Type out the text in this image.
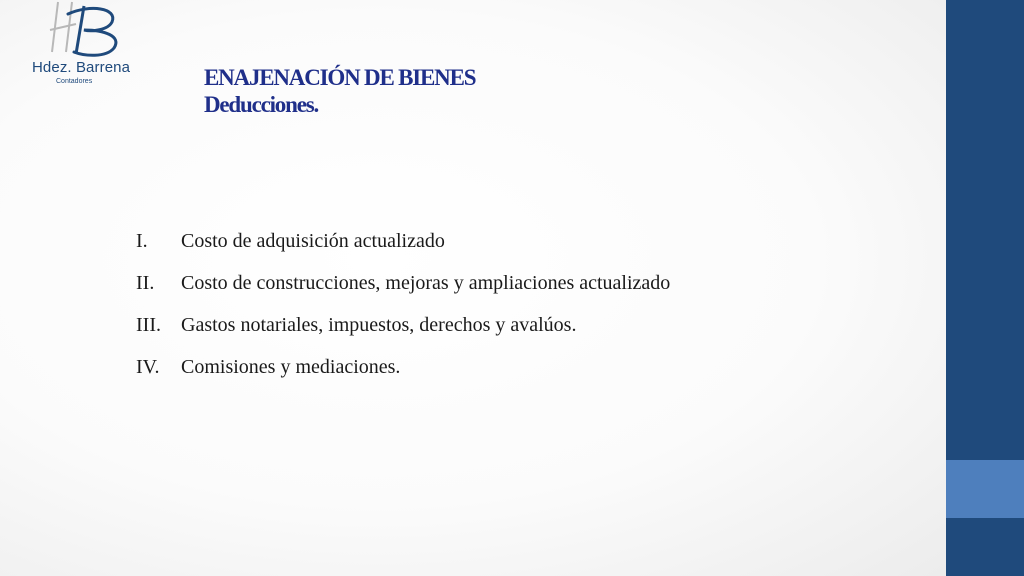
Hdez. Barrena
Contadores	ENAJENACIÓN DE BIENES
Deducciones.
I. Costo de adquisición actualizado
II. Costo de construcciones, mejoras y ampliaciones actualizado
III. Gastos notariales, impuestos, derechos y avalúos.
IV. Comisiones y mediaciones.
